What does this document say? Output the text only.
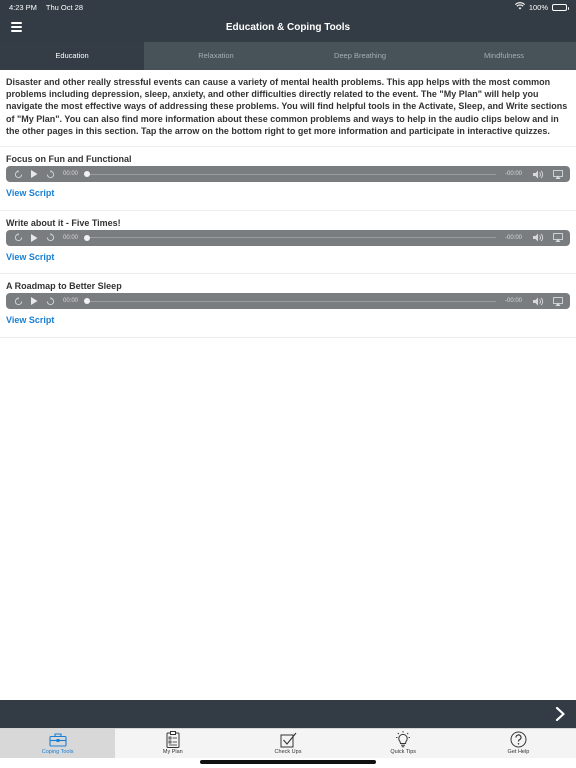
4:23 PM Thu Oct 28	100%
Education & Coping Tools
Education	Relaxation	Deep Breathing	Mindfulness
Disaster and other really stressful events can cause a variety of mental health problems. This app helps with the most common problems including depression, sleep, anxiety, and other difficulties directly related to the event. The "My Plan" will help you navigate the most effective ways of addressing these problems. You will find helpful tools in the Activate, Sleep, and Write sections of "My Plan". You can also find more information about these common problems and ways to help in the audio clips below and in the other pages in this section. Tap the arrow on the bottom right to get more information and participate in interactive quizzes.
Focus on Fun and Functional
00:00	-00:00
View Script
Write about it - Five Times!
00:00	-00:00
View Script
A Roadmap to Better Sleep
00:00	-00:00
View Script
Coping Tools	My Plan	Check Ups	Quick Tips	Get Help
